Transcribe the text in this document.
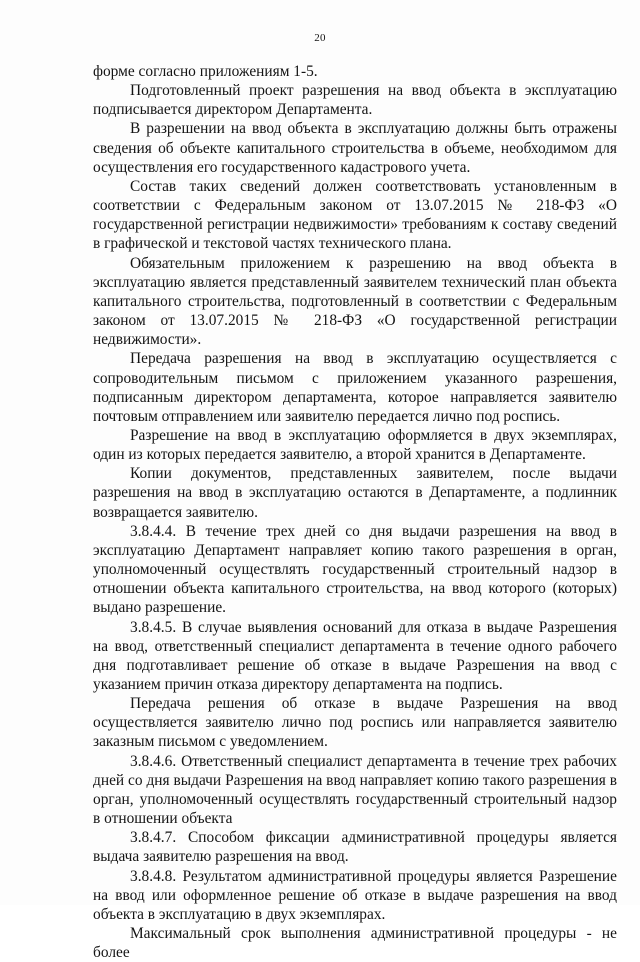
20

форме согласно приложениям 1-5.

Подготовленный проект разрешения на ввод объекта в эксплуатацию подписывается директором Департамента.

В разрешении на ввод объекта в эксплуатацию должны быть отражены сведения об объекте капитального строительства в объеме, необходимом для осуществления его государственного кадастрового учета.

Состав таких сведений должен соответствовать установленным в соответствии с Федеральным законом от 13.07.2015 № 218-ФЗ «О государственной регистрации недвижимости» требованиям к составу сведений в графической и текстовой частях технического плана.

Обязательным приложением к разрешению на ввод объекта в эксплуатацию является представленный заявителем технический план объекта капитального строительства, подготовленный в соответствии с Федеральным законом от 13.07.2015 № 218-ФЗ «О государственной регистрации недвижимости».

Передача разрешения на ввод в эксплуатацию осуществляется с сопроводительным письмом с приложением указанного разрешения, подписанным директором департамента, которое направляется заявителю почтовым отправлением или заявителю передается лично под роспись.

Разрешение на ввод в эксплуатацию оформляется в двух экземплярах, один из которых передается заявителю, а второй хранится в Департаменте.

Копии документов, представленных заявителем, после выдачи разрешения на ввод в эксплуатацию остаются в Департаменте, а подлинник возвращается заявителю.

3.8.4.4. В течение трех дней со дня выдачи разрешения на ввод в эксплуатацию Департамент направляет копию такого разрешения в орган, уполномоченный осуществлять государственный строительный надзор в отношении объекта капитального строительства, на ввод которого (которых) выдано разрешение.

3.8.4.5. В случае выявления оснований для отказа в выдаче Разрешения на ввод, ответственный специалист департамента в течение одного рабочего дня подготавливает решение об отказе в выдаче Разрешения на ввод с указанием причин отказа директору департамента на подпись.

Передача решения об отказе в выдаче Разрешения на ввод осуществляется заявителю лично под роспись или направляется заявителю заказным письмом с уведомлением.

3.8.4.6. Ответственный специалист департамента в течение трех рабочих дней со дня выдачи Разрешения на ввод направляет копию такого разрешения в орган, уполномоченный осуществлять государственный строительный надзор в отношении объекта

3.8.4.7. Способом фиксации административной процедуры является выдача заявителю разрешения на ввод.

3.8.4.8. Результатом административной процедуры является Разрешение на ввод или оформленное решение об отказе в выдаче разрешения на ввод объекта в эксплуатацию в двух экземплярах.

Максимальный срок выполнения административной процедуры - не более
